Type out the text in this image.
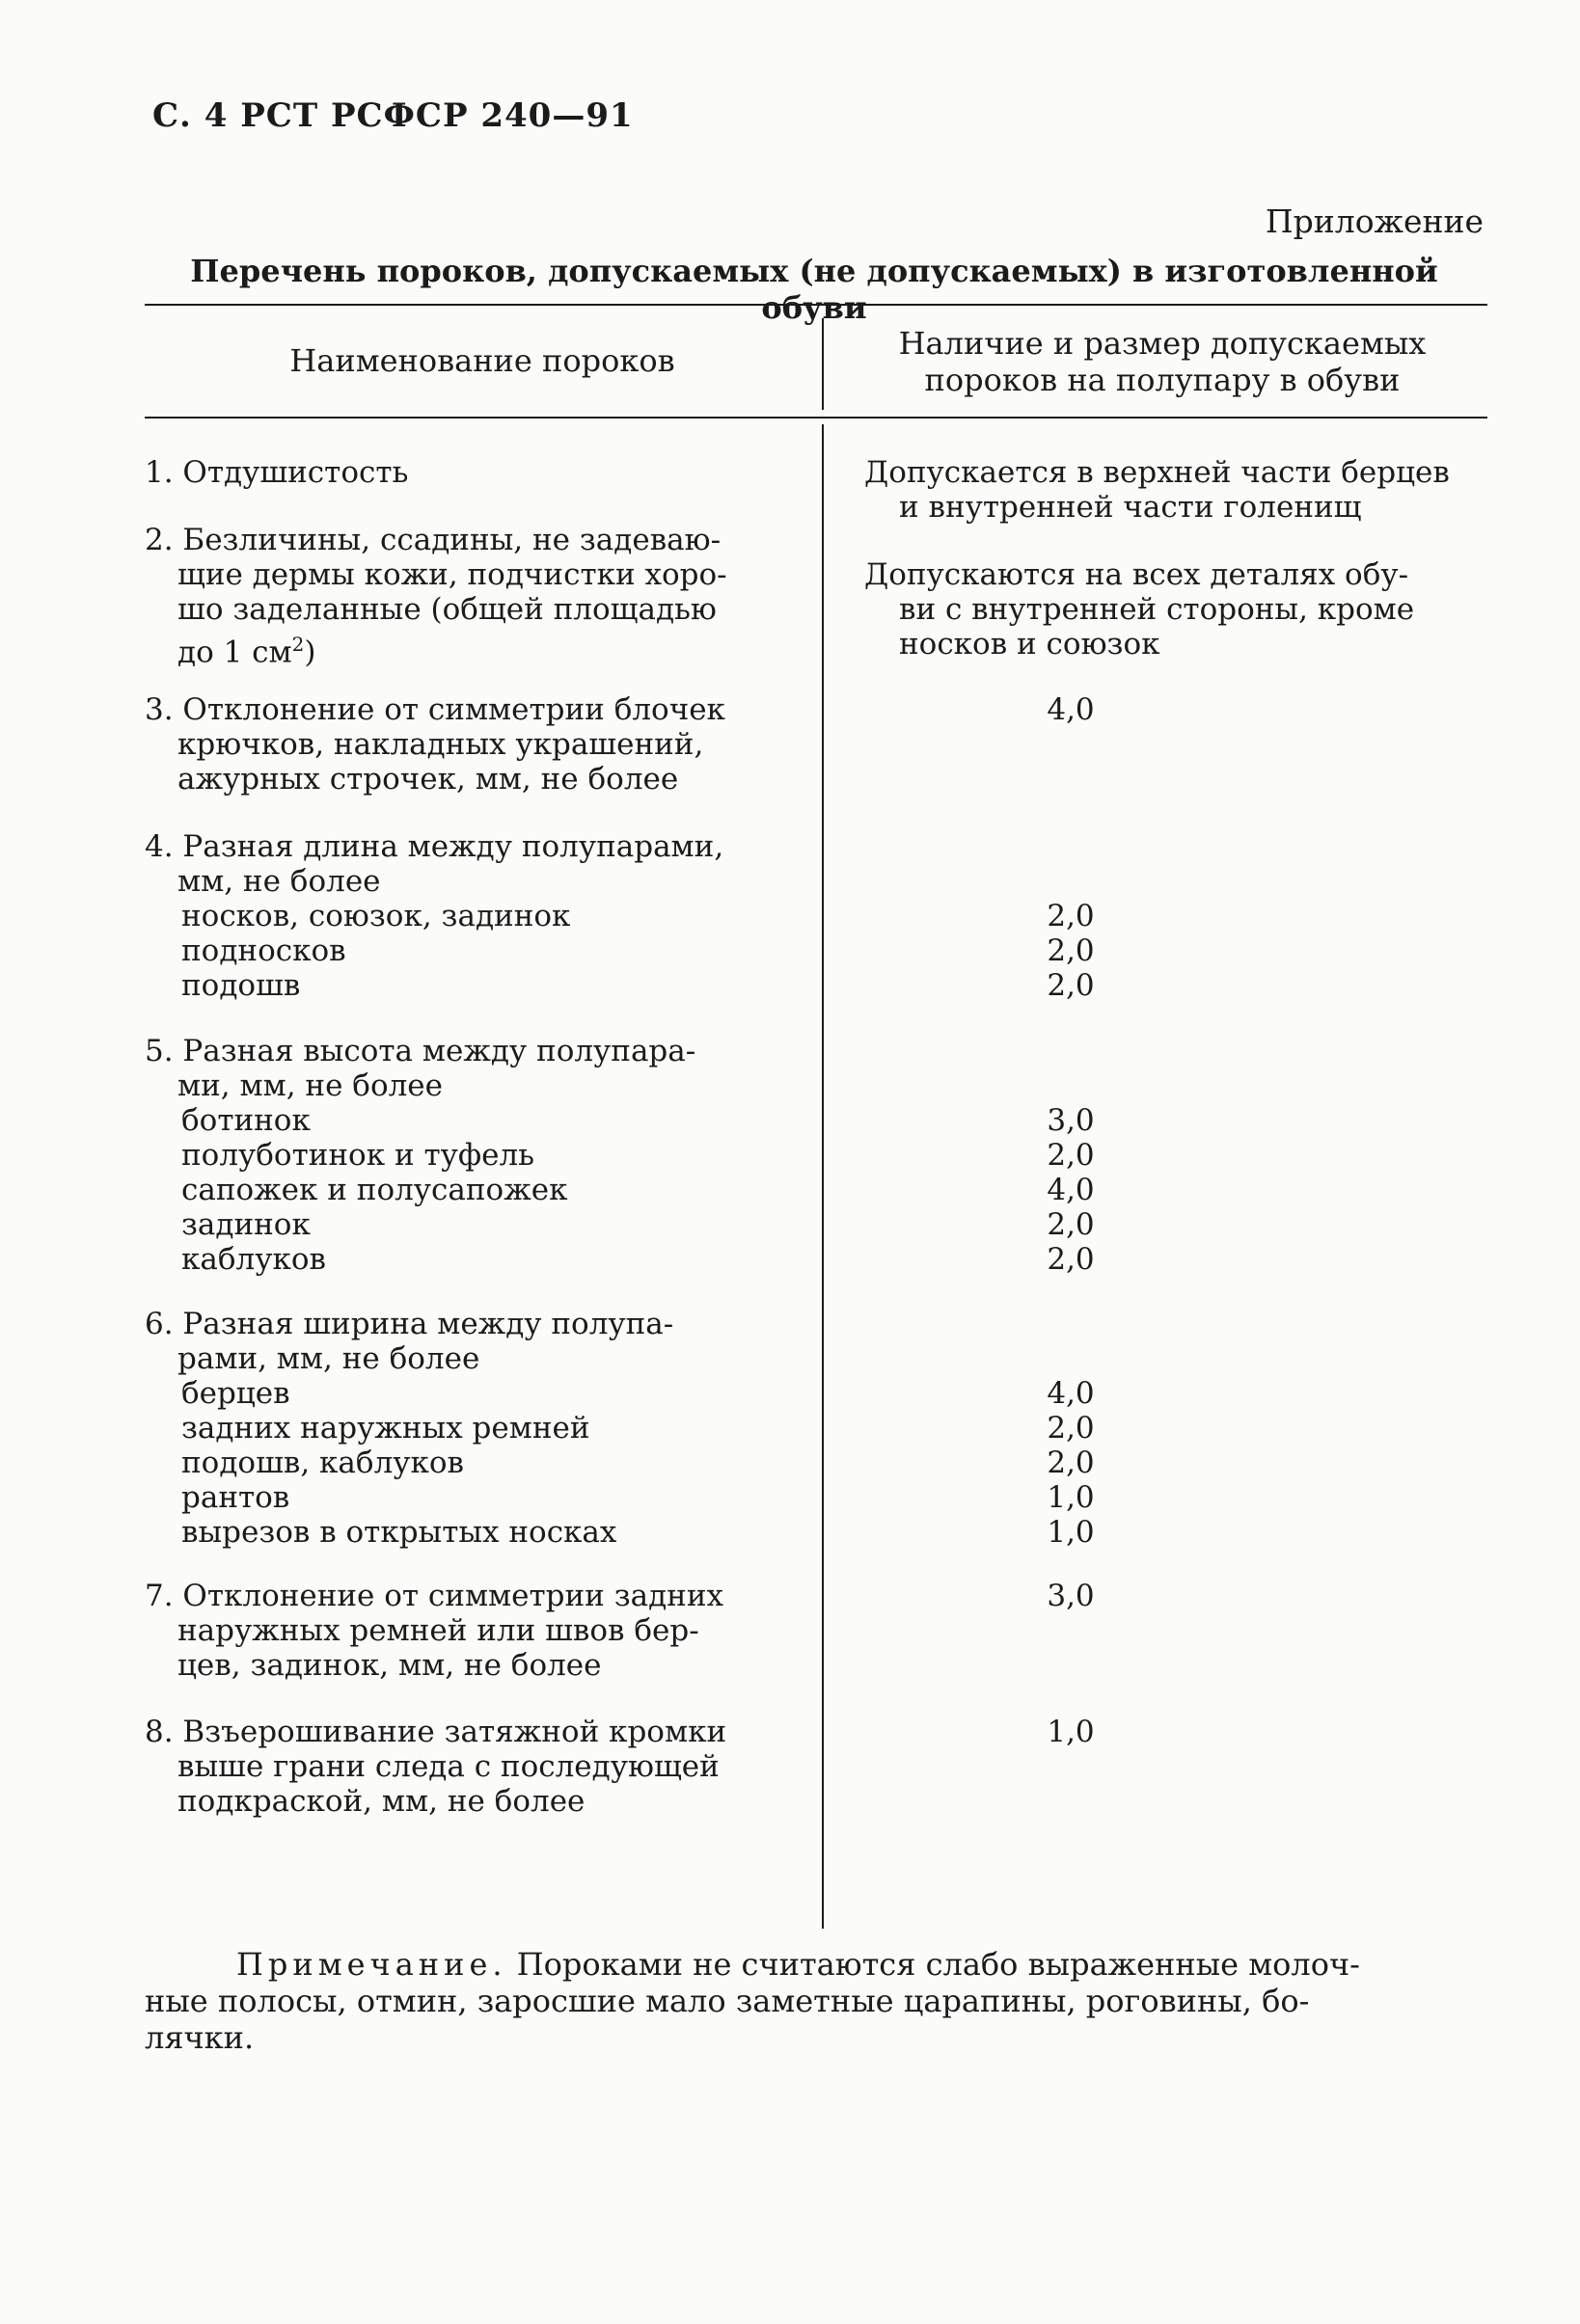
С. 4 РСТ РСФСР 240—91
Приложение
Перечень пороков, допускаемых (не допускаемых) в изготовленной обуви
Наименование пороков	Наличие и размер допускаемых
пороков на полупару в обуви
1. Отдушистость
2. Безличины, ссадины, не задеваю-
щие дермы кожи, подчистки хоро-
шо заделанные (общей площадью
до 1 $см^2$)
3. Отклонение от симметрии блочек
крючков, накладных украшений,
ажурных строчек, мм, не более
4. Разная длина между полупарами,
мм, не более
носков, союзок, задинок
подносков
подошв
5. Разная высота между полупара-
ми, мм, не более
ботинок
полуботинок и туфель
сапожек и полусапожек
задинок
каблуков
6. Разная ширина между полупа-
рами, мм, не более
берцев
задних наружных ремней
подошв, каблуков
рантов
вырезов в открытых носках
7. Отклонение от симметрии задних
наружных ремней или швов бер-
цев, задинок, мм, не более
8. Взъерошивание затяжной кромки
выше грани следа с последующей
подкраской, мм, не более
Допускается в верхней части берцев
и внутренней части голенищ
Допускаются на всех деталях обу-
ви с внутренней стороны, кроме
носков и союзок
4,0
2,0
2,0
2,0
3,0
2,0
4,0
2,0
2,0
4,0
2,0
2,0
1,0
1,0
3,0
1,0
Примечание. Пороками не считаются слабо выраженные молоч-
ные полосы, отмин, заросшие мало заметные царапины, роговины, бо-
лячки.
